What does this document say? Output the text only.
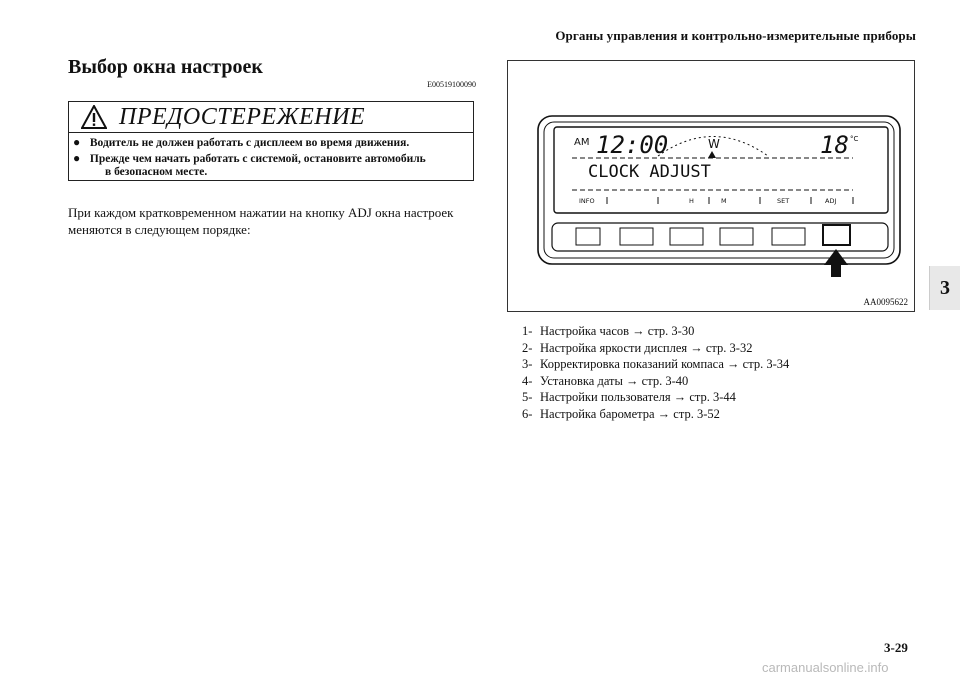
Органы управления и контрольно-измерительные приборы
3
Выбор окна настроек
E00519100090
ПРЕДОСТЕРЕЖЕНИЕ
● Водитель не должен работать с дисплеем во время движения.
● Прежде чем начать работать с системой, остановите автомобиль
в безопасном месте.
При каждом кратковременном нажатии на кнопку ADJ окна настроек
меняются в следующем порядке:
AM 12:00	W	18 °C
CLOCK ADJUST
INFO	H	M	SET	ADJ
AA0095622
1- Настройка часов → стр. 3-30
2- Настройка яркости дисплея → стр. 3-32
3- Корректировка показаний компаса → стр. 3-34
4- Установка даты → стр. 3-40
5- Настройки пользователя → стр. 3-44
6- Настройка барометра → стр. 3-52
3-29
carmanualsonline.info
